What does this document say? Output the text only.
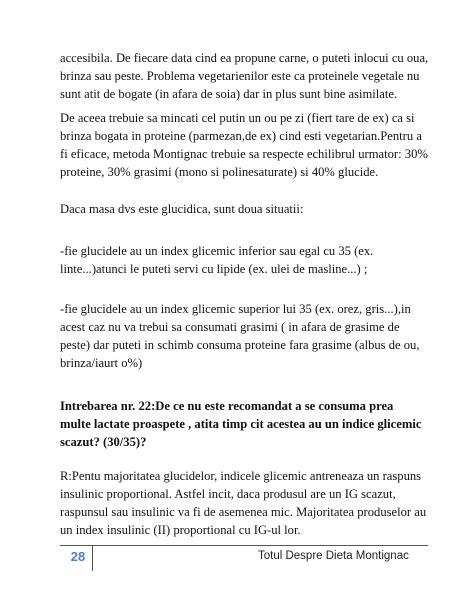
accesibila. De fiecare data cind ea propune carne, o puteti inlocui cu oua,
brinza sau peste. Problema vegetarienilor este ca proteinele vegetale nu
sunt atit de bogate (in afara de soia) dar in plus sunt bine asimilate.

De aceea trebuie sa mincati cel putin un ou pe zi (fiert tare de ex) ca si
brinza bogata in proteine (parmezan,de ex) cind esti vegetarian.Pentru a
fi eficace, metoda Montignac trebuie sa respecte echilibrul urmator: 30%
proteine, 30% grasimi (mono si polinesaturate) si 40% glucide.

Daca masa dvs este glucidica, sunt doua situatii:

-fie glucidele au un index glicemic inferior sau egal cu 35 (ex.
linte...)atunci le puteti servi cu lipide (ex. ulei de masline...) ;

-fie glucidele au un index glicemic superior lui 35 (ex. orez, gris...),in
acest caz nu va trebui sa consumati grasimi ( in afara de grasime de
peste) dar puteti in schimb consuma proteine fara grasime (albus de ou,
brinza/iaurt o%)

Intrebarea nr. 22:De ce nu este recomandat a se consuma prea
multe lactate proaspete , atita timp cit acestea au un indice glicemic
scazut? (30/35)?

R:Pentu majoritatea glucidelor, indicele glicemic antreneaza un raspuns
insulinic proportional. Astfel incit, daca produsul are un IG scazut,
raspunsul sau insulinic va fi de asemenea mic. Majoritatea produselor au
un index insulinic (II) proportional cu IG-ul lor.

28	Totul Despre Dieta Montignac
